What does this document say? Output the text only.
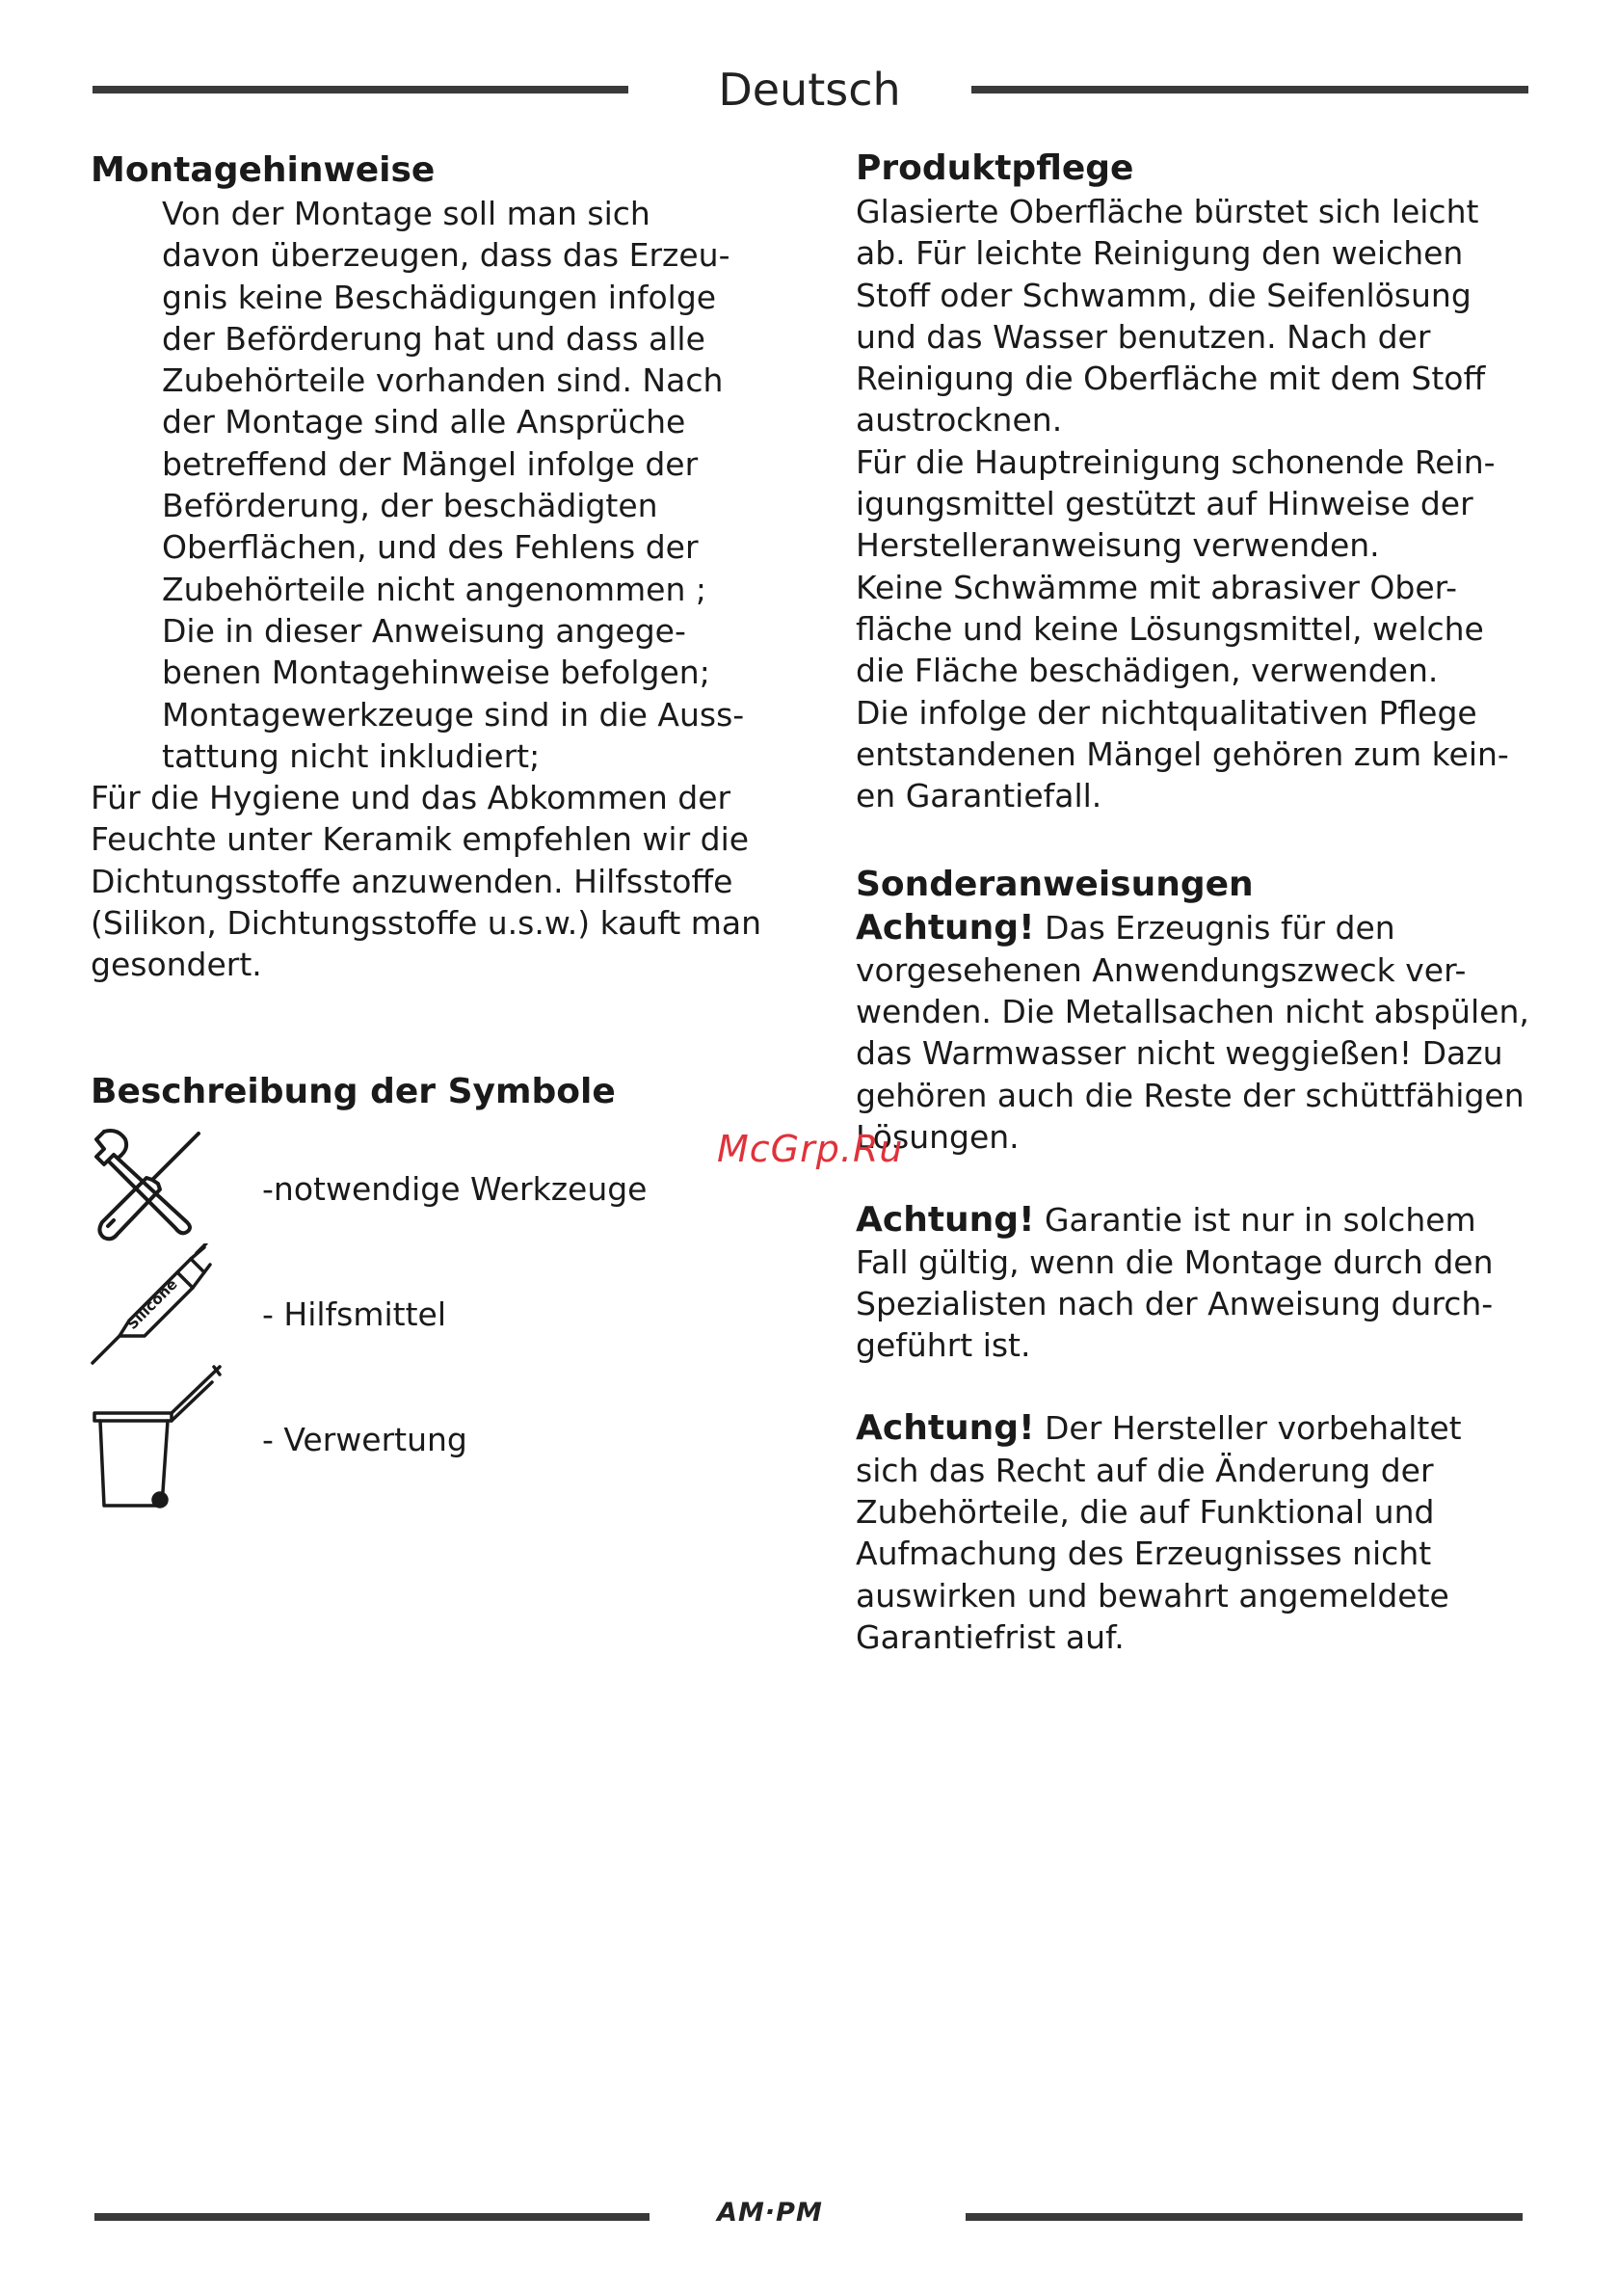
Deutsch
Montagehinweise

Von der Montage soll man sich

davon überzeugen, dass das Erzeu-

gnis keine Beschädigungen infolge

der Beförderung hat und dass alle

Zubehörteile vorhanden sind. Nach

der Montage sind alle Ansprüche

betreffend der Mängel infolge der

Beförderung, der beschädigten

Oberflächen, und des Fehlens der

Zubehörteile nicht angenommen ;

Die in dieser Anweisung angege-

benen Montagehinweise befolgen;

Montagewerkzeuge sind in die Auss-

tattung nicht inkludiert;

Für die Hygiene und das Abkommen der

Feuchte unter Keramik empfehlen wir die

Dichtungsstoffe anzuwenden. Hilfsstoffe

(Silikon, Dichtungsstoffe u.s.w.) kauft man

gesondert.

Beschreibung der Symbole
-notwendige Werkzeuge
Silicone	- Hilfsmittel
- Verwertung
Produktpflege

Glasierte Oberfläche bürstet sich leicht

ab. Für leichte Reinigung den weichen

Stoff oder Schwamm, die Seifenlösung

und das Wasser benutzen. Nach der

Reinigung die Oberfläche mit dem Stoff

austrocknen.

Für die Hauptreinigung schonende Rein-

igungsmittel gestützt auf Hinweise der

Herstelleranweisung verwenden.

Keine Schwämme mit abrasiver Ober-

fläche und keine Lösungsmittel, welche

die Fläche beschädigen, verwenden.

Die infolge der nichtqualitativen Pflege

entstandenen Mängel gehören zum kein-

en Garantiefall.

Sonderanweisungen

Achtung! Das Erzeugnis für den

vorgesehenen Anwendungszweck ver-

wenden. Die Metallsachen nicht abspülen,

das Warmwasser nicht weggießen! Dazu

gehören auch die Reste der schüttfähigen

Lösungen.

Achtung! Garantie ist nur in solchem

Fall gültig, wenn die Montage durch den

Spezialisten nach der Anweisung durch-

geführt ist.

Achtung! Der Hersteller vorbehaltet

sich das Recht auf die Änderung der

Zubehörteile, die auf Funktional und

Aufmachung des Erzeugnisses nicht

auswirken und bewahrt angemeldete

Garantiefrist auf.

McGrp.Ru
AM·PM
